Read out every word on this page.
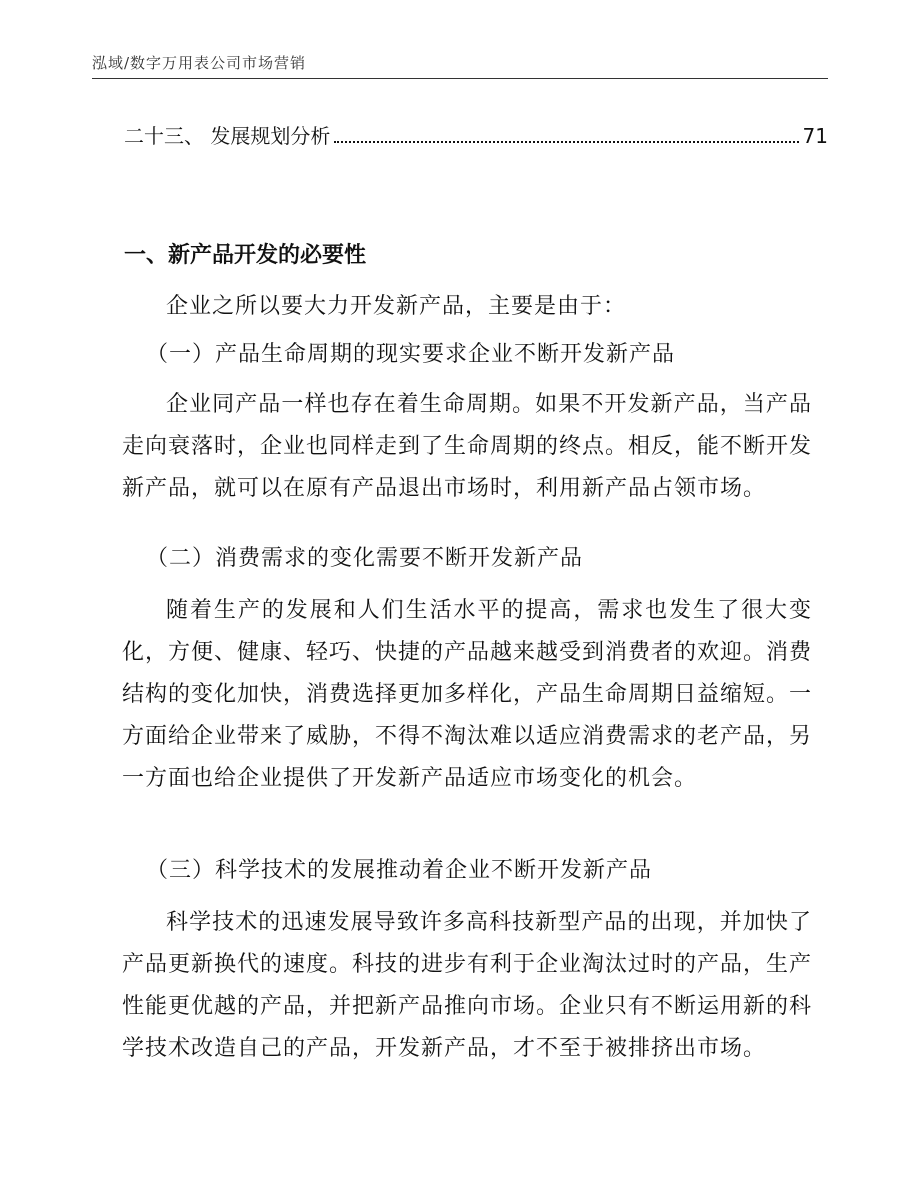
泓域/数字万用表公司市场营销
二十三、 发展规划分析	71
一、新产品开发的必要性

企业之所以要大力开发新产品，主要是由于：

（一）产品生命周期的现实要求企业不断开发新产品

企业同产品一样也存在着生命周期。如果不开发新产品，当产品走向衰落时，企业也同样走到了生命周期的终点。相反，能不断开发新产品，就可以在原有产品退出市场时，利用新产品占领市场。

（二）消费需求的变化需要不断开发新产品

随着生产的发展和人们生活水平的提高，需求也发生了很大变化，方便、健康、轻巧、快捷的产品越来越受到消费者的欢迎。消费结构的变化加快，消费选择更加多样化，产品生命周期日益缩短。一方面给企业带来了威胁，不得不淘汰难以适应消费需求的老产品，另一方面也给企业提供了开发新产品适应市场变化的机会。

（三）科学技术的发展推动着企业不断开发新产品

科学技术的迅速发展导致许多高科技新型产品的出现，并加快了产品更新换代的速度。科技的进步有利于企业淘汰过时的产品，生产性能更优越的产品，并把新产品推向市场。企业只有不断运用新的科学技术改造自己的产品，开发新产品，才不至于被排挤出市场。
